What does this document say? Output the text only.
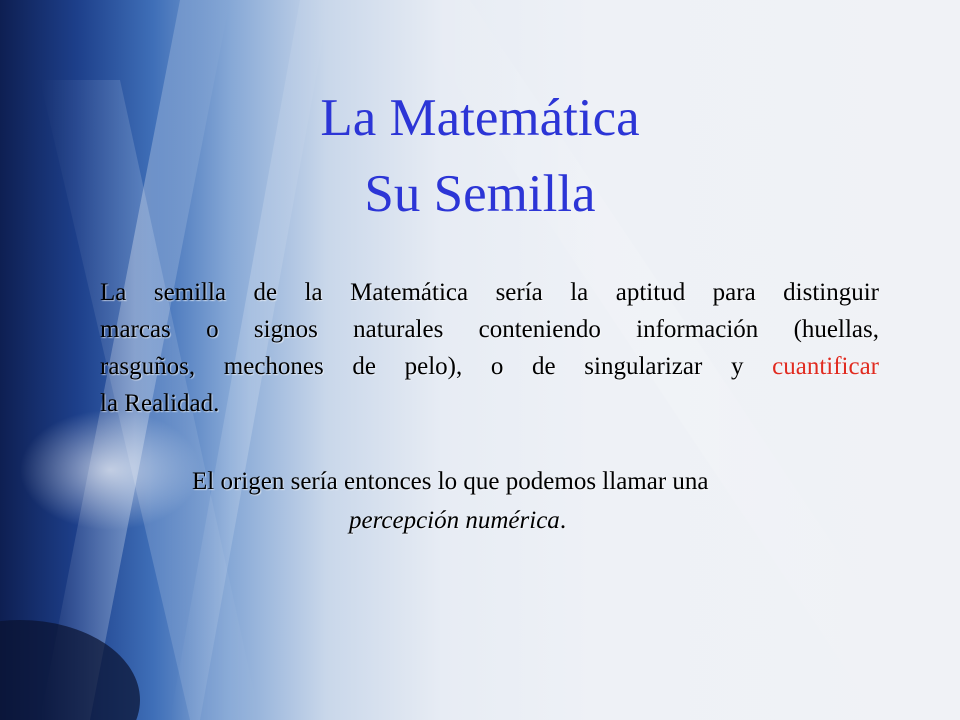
La Matemática
Su Semilla
La semilla de la Matemática sería la aptitud para distinguir
marcas o signos naturales conteniendo información (huellas,
rasguños, mechones de pelo), o de singularizar y cuantificar
la Realidad.
El origen sería entonces lo que podemos llamar una
percepción numérica.
